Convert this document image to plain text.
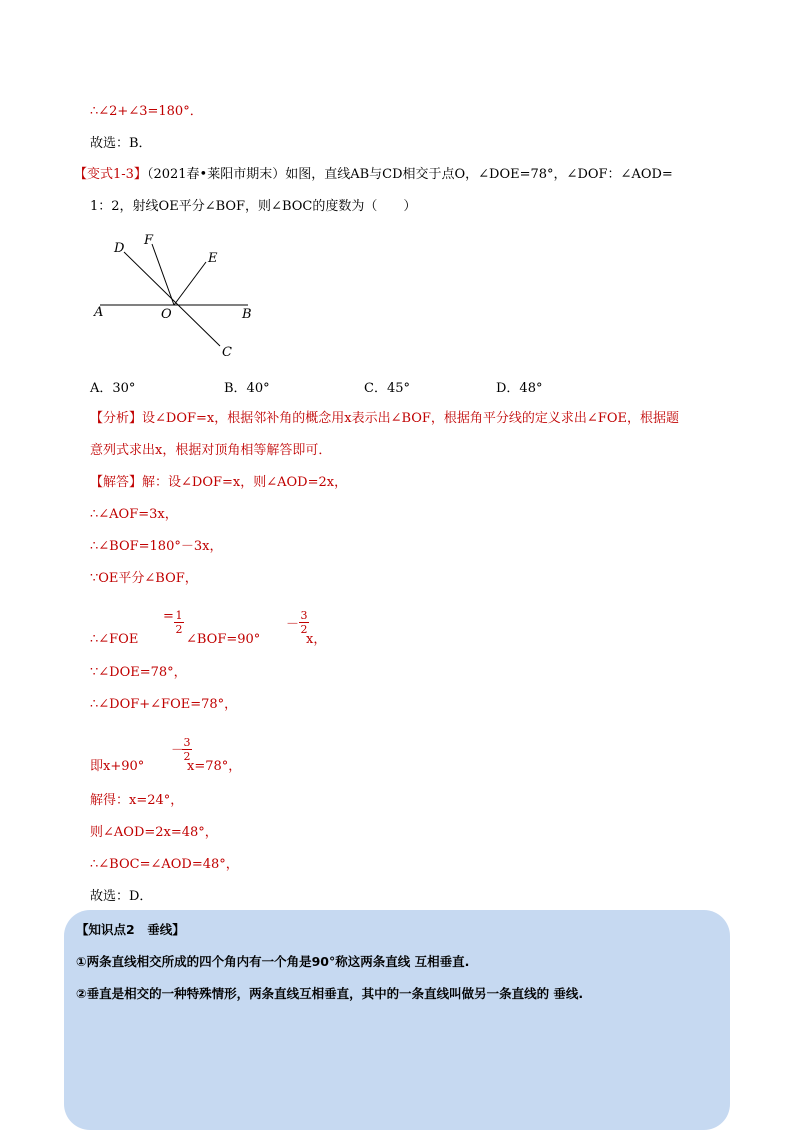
∴∠2+∠3=180°．
故选：B．
【变式1-3】（2021春•莱阳市期末）如图，直线AB与CD相交于点O，∠DOE=78°，∠DOF：∠AOD=
1：2，射线OE平分∠BOF，则∠BOC的度数为（　　）
D
F
E
A	O	B
C
A．30°	B．40°	C．45°	D．48°
【分析】设∠DOF=x，根据邻补角的概念用x表示出∠BOF，根据角平分线的定义求出∠FOE，根据题
意列式求出x，根据对顶角相等解答即可．
【解答】解：设∠DOF=x，则∠AOD=2x，
∴∠AOF=3x，
∴∠BOF=180°－3x，
∵OE平分∠BOF，
∴∠FOE
= 1
2
∠BOF=90°
－
3
2
x，
∵∠DOE=78°，
∴∠DOF+∠FOE=78°，
即x+90°
－
3
2
x=78°，
解得：x=24°，
则∠AOD=2x=48°，
∴∠BOC=∠AOD=48°，
故选：D．
【知识点2　垂线】
①两条直线相交所成的四个角内有一个角是90°称这两条直线 互相垂直.
②垂直是相交的一种特殊情形，两条直线互相垂直，其中的一条直线叫做另一条直线的 垂线.
